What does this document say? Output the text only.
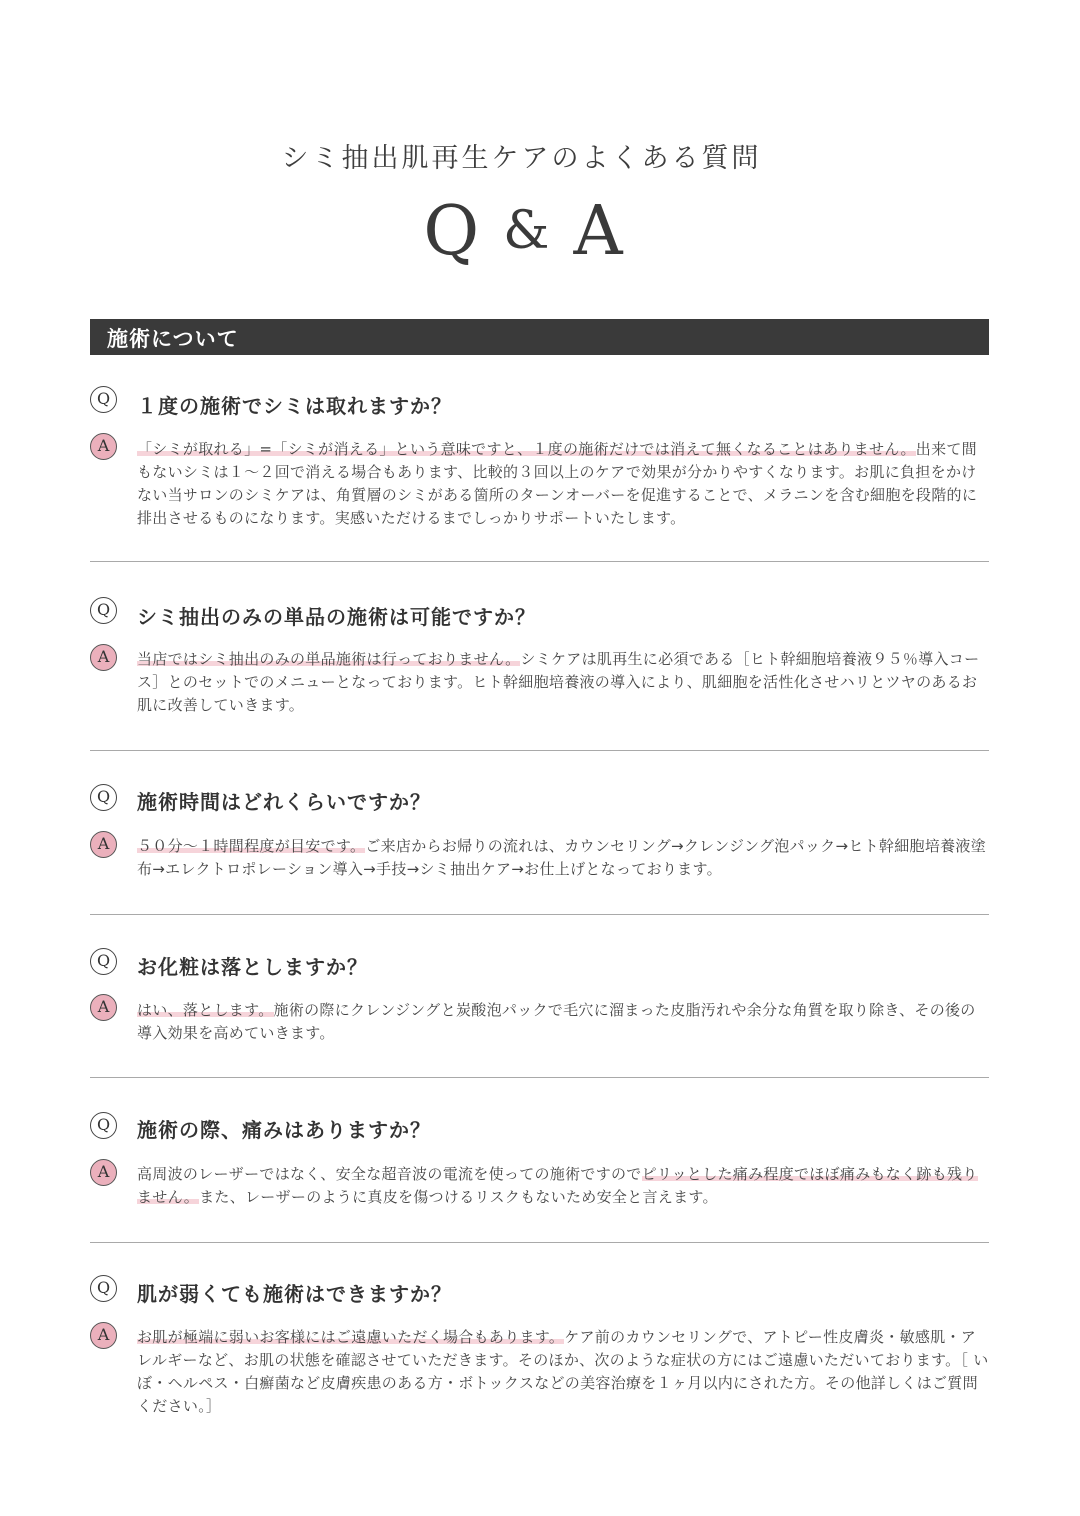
シミ抽出肌再生ケアのよくある質問
Q & A
施術について
Q	１度の施術でシミは取れますか？
A	「シミが取れる」=「シミが消える」という意味ですと、１度の施術だけでは消えて無くなることはありません。出来て間もないシミは１〜２回で消える場合もあります、比較的３回以上のケアで効果が分かりやすくなります。お肌に負担をかけない当サロンのシミケアは、角質層のシミがある箇所のターンオーバーを促進することで、メラニンを含む細胞を段階的に排出させるものになります。実感いただけるまでしっかりサポートいたします。

Q	シミ抽出のみの単品の施術は可能ですか？
A	当店ではシミ抽出のみの単品施術は行っておりません。シミケアは肌再生に必須である［ヒト幹細胞培養液９５％導入コース］とのセットでのメニューとなっております。ヒト幹細胞培養液の導入により、肌細胞を活性化させハリとツヤのあるお肌に改善していきます。

Q	施術時間はどれくらいですか？
A	５０分〜１時間程度が目安です。ご来店からお帰りの流れは、カウンセリング→クレンジング泡パック→ヒト幹細胞培養液塗布→エレクトロポレーション導入→手技→シミ抽出ケア→お仕上げとなっております。

Q	お化粧は落としますか？
A	はい、落とします。施術の際にクレンジングと炭酸泡パックで毛穴に溜まった皮脂汚れや余分な角質を取り除き、その後の導入効果を高めていきます。

Q	施術の際、痛みはありますか？
A	高周波のレーザーではなく、安全な超音波の電流を使っての施術ですのでピリッとした痛み程度でほぼ痛みもなく跡も残りません。また、レーザーのように真皮を傷つけるリスクもないため安全と言えます。

Q	肌が弱くても施術はできますか？
A	お肌が極端に弱いお客様にはご遠慮いただく場合もあります。ケア前のカウンセリングで、アトピー性皮膚炎・敏感肌・アレルギーなど、お肌の状態を確認させていただきます。そのほか、次のような症状の方にはご遠慮いただいております。［ いぼ・ヘルペス・白癬菌など皮膚疾患のある方・ボトックスなどの美容治療を１ヶ月以内にされた方。その他詳しくはご質問ください。］
